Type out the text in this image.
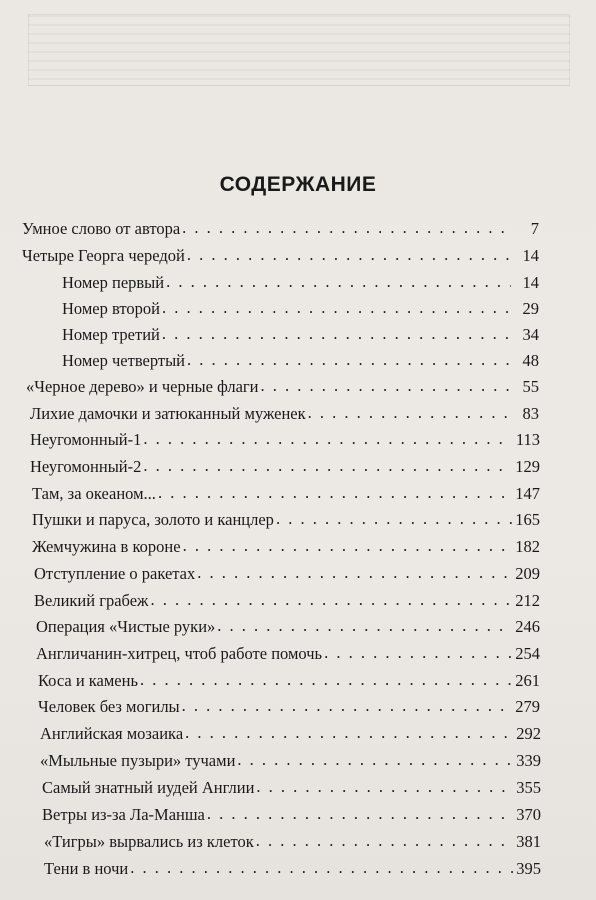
СОДЕРЖАНИЕ
Умное слово от автора . . .	7
Четыре Георга чередой . . .	14
Номер первый . . .	14
Номер второй . . .	29
Номер третий . . .	34
Номер четвертый . . .	48
«Черное дерево» и черные флаги . . .	55
Лихие дамочки и затюканный муженек . . .	83
Неугомонный-1 . . .	113
Неугомонный-2 . . .	129
Там, за океаном... . . .	147
Пушки и паруса, золото и канцлер . . .	165
Жемчужина в короне . . .	182
Отступление о ракетах . . .	209
Великий грабеж . . .	212
Операция «Чистые руки» . . .	246
Англичанин-хитрец, чтоб работе помочь . . .	254
Коса и камень . . .	261
Человек без могилы . . .	279
Английская мозаика . . .	292
«Мыльные пузыри» тучами . . .	339
Самый знатный иудей Англии . . .	355
Ветры из-за Ла-Манша . . .	370
«Тигры» вырвались из клеток . . .	381
Тени в ночи . . .	395
